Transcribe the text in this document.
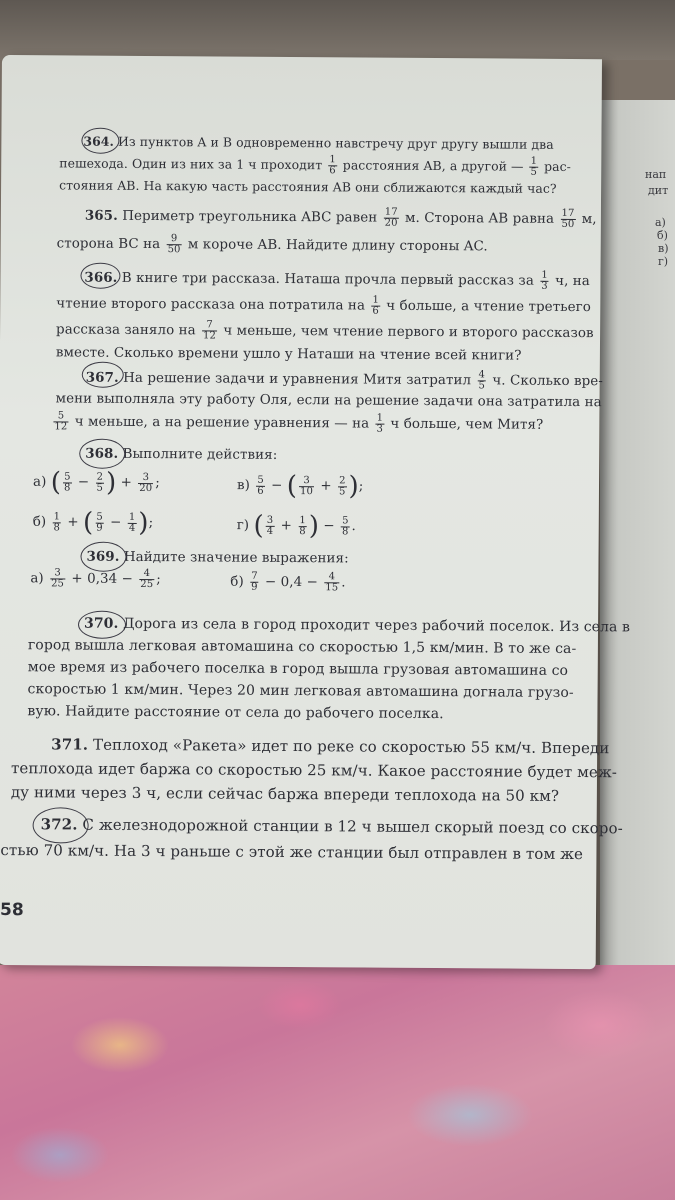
нап
дит
а)
б)
в)
г)
364. Из пунктов A и B одновременно навстречу друг другу вышли два
пешехода. Один из них за 1 ч проходит $\frac{1}{6}$ расстояния AB, а другой — $\frac{1}{5} рас-$
стояния AB. На какую часть расстояния AB они сближаются каждый час?
365. Периметр треугольника ABC равен $\frac{17}{20} м$. Сторона AB равна $\frac{17}{50} м$,
сторона BC на $\frac{9}{50}$ м короче AB. Найдите длину стороны AC.
366. В книге три рассказа. Наташа прочла первый рассказ за $\frac{1}{3} ч$, на
чтение второго рассказа она потратила на $\frac{1}{6}$ ч больше, а чтение третьего
рассказа заняло на $\frac{7}{12}$ ч меньше, чем чтение первого и второго рассказов
вместе. Сколько времени ушло у Наташи на чтение всей книги?
367. На решение задачи и уравнения Митя затратил $\frac{4}{5} ч$. Сколько вре-
мени выполняла эту работу Оля, если на решение задачи она затратила на
$\frac{5}{12}$ ч меньше, а на решение уравнения — на $\frac{1}{3}$ ч больше, чем Митя?
368. Выполните действия:
а) ( $\frac{5}{8} - \frac{2}{5}$ ) + $\frac{3}{20}$ ;	$в) \frac{5}{6}$ − ( $\frac{3}{10} + \frac{2}{5}$ );
$б) \frac{1}{8}$ + ( $\frac{5}{9} - \frac{1}{4}$ );	г) ( $\frac{3}{4} + \frac{1}{8}$ ) − $\frac{5}{8}$ .
369. Найдите значение выражения:
$а) \frac{3}{25} + 0,34 - \frac{4}{25}$ ;	$б) \frac{7}{9} - 0,4 - \frac{4}{15}$ .
370. Дорога из села в город проходит через рабочий поселок. Из села в
город вышла легковая автомашина со скоростью 1,5 км/мин. В то же са-
мое время из рабочего поселка в город вышла грузовая автомашина со
скоростью 1 км/мин. Через 20 мин легковая автомашина догнала грузо-
вую. Найдите расстояние от села до рабочего поселка.
371. Теплоход «Ракета» идет по реке со скоростью 55 км/ч. Впереди
теплохода идет баржа со скоростью 25 км/ч. Какое расстояние будет меж-
ду ними через 3 ч, если сейчас баржа впереди теплохода на 50 км?
372. С железнодорожной станции в 12 ч вышел скорый поезд со скоро-
стью 70 км/ч. На 3 ч раньше с этой же станции был отправлен в том же
58
